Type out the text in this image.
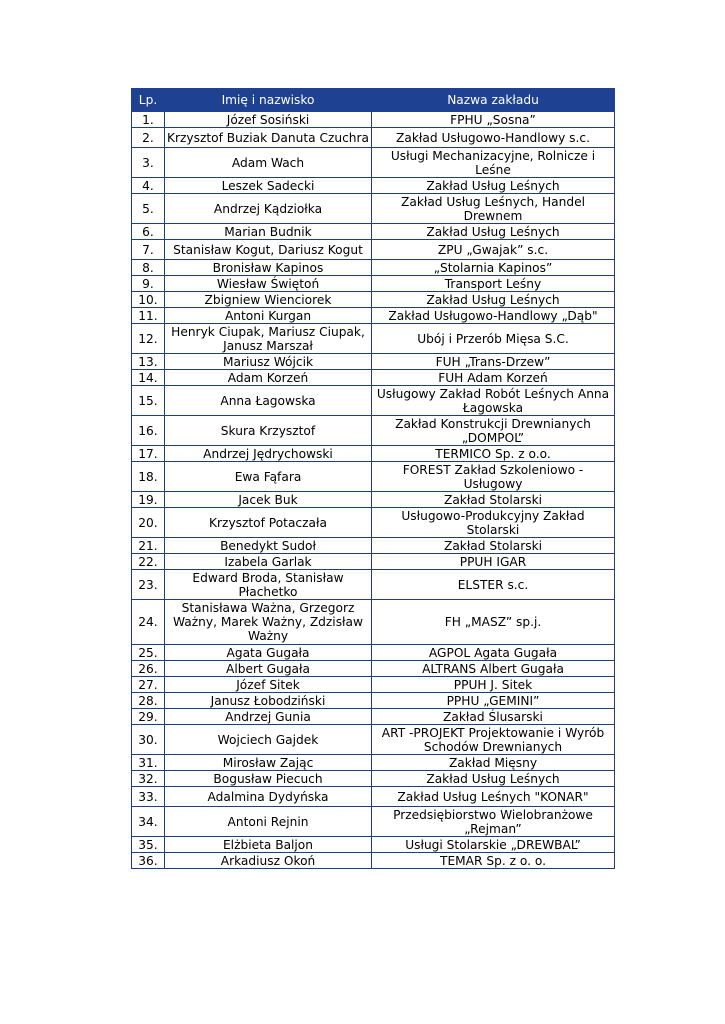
Lp.	Imię i nazwisko	Nazwa zakładu
1.	Józef Sosiński	FPHU „Sosna”
2.	Krzysztof Buziak Danuta Czuchra	Zakład Usługowo-Handlowy s.c.
3.	Adam Wach	Usługi Mechanizacyjne, Rolnicze i Leśne
4.	Leszek Sadecki	Zakład Usług Leśnych
5.	Andrzej Kądziołka	Zakład Usług Leśnych, Handel Drewnem
6.	Marian Budnik	Zakład Usług Leśnych
7.	Stanisław Kogut, Dariusz Kogut	ZPU „Gwajak” s.c.
8.	Bronisław Kapinos	„Stolarnia Kapinos”
9.	Wiesław Świętoń	Transport Leśny
10.	Zbigniew Wienciorek	Zakład Usług Leśnych
11.	Antoni Kurgan	Zakład Usługowo-Handlowy „Dąb"
12.	Henryk Ciupak, Mariusz Ciupak, Janusz Marszał	Ubój i Przerób Mięsa S.C.
13.	Mariusz Wójcik	FUH „Trans-Drzew”
14.	Adam Korzeń	FUH Adam Korzeń
15.	Anna Łagowska	Usługowy Zakład Robót Leśnych Anna Łagowska
16.	Skura Krzysztof	Zakład Konstrukcji Drewnianych „DOMPOL”
17.	Andrzej Jędrychowski	TERMICO Sp. z o.o.
18.	Ewa Fąfara	FOREST Zakład Szkoleniowo - Usługowy
19.	Jacek Buk	Zakład Stolarski
20.	Krzysztof Potaczała	Usługowo-Produkcyjny Zakład Stolarski
21.	Benedykt Sudoł	Zakład Stolarski
22.	Izabela Garlak	PPUH IGAR
23.	Edward Broda, Stanisław Płachetko	ELSTER s.c.
24.	Stanisława Ważna, Grzegorz Ważny, Marek Ważny, Zdzisław Ważny	FH „MASZ” sp.j.
25.	Agata Gugała	AGPOL Agata Gugała
26.	Albert Gugała	ALTRANS Albert Gugała
27.	Józef Sitek	PPUH J. Sitek
28.	Janusz Łobodziński	PPHU „GEMINI”
29.	Andrzej Gunia	Zakład Ślusarski
30.	Wojciech Gajdek	ART -PROJEKT Projektowanie i Wyrób Schodów Drewnianych
31.	Mirosław Zając	Zakład Mięsny
32.	Bogusław Piecuch	Zakład Usług Leśnych
33.	Adalmina Dydyńska	Zakład Usług Leśnych "KONAR"
34.	Antoni Rejnin	Przedsiębiorstwo Wielobranżowe „Rejman”
35.	Elżbieta Baljon	Usługi Stolarskie „DREWBAL”
36.	Arkadiusz Okoń	TEMAR Sp. z o. o.
